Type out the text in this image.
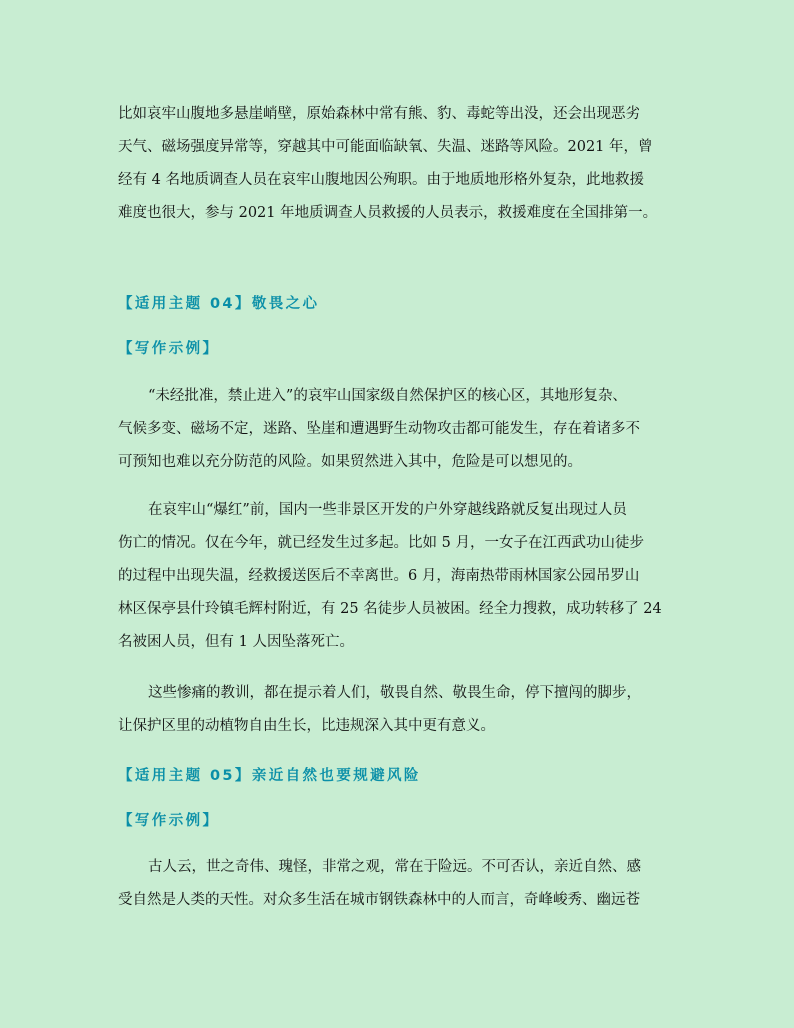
比如哀牢山腹地多悬崖峭壁，原始森林中常有熊、豹、毒蛇等出没，还会出现恶劣
天气、磁场强度异常等，穿越其中可能面临缺氧、失温、迷路等风险。2021 年，曾
经有 4 名地质调查人员在哀牢山腹地因公殉职。由于地质地形格外复杂，此地救援
难度也很大，参与 2021 年地质调查人员救援的人员表示，救援难度在全国排第一。
【适用主题 04】敬畏之心
【写作示例】
“未经批准，禁止进入”的哀牢山国家级自然保护区的核心区，其地形复杂、
气候多变、磁场不定，迷路、坠崖和遭遇野生动物攻击都可能发生，存在着诸多不
可预知也难以充分防范的风险。如果贸然进入其中，危险是可以想见的。
在哀牢山“爆红”前，国内一些非景区开发的户外穿越线路就反复出现过人员
伤亡的情况。仅在今年，就已经发生过多起。比如 5 月，一女子在江西武功山徒步
的过程中出现失温，经救援送医后不幸离世。6 月，海南热带雨林国家公园吊罗山
林区保亭县什玲镇毛辉村附近，有 25 名徒步人员被困。经全力搜救，成功转移了 24
名被困人员，但有 1 人因坠落死亡。
这些惨痛的教训，都在提示着人们，敬畏自然、敬畏生命，停下擅闯的脚步，
让保护区里的动植物自由生长，比违规深入其中更有意义。
【适用主题 05】亲近自然也要规避风险
【写作示例】
古人云，世之奇伟、瑰怪，非常之观，常在于险远。不可否认，亲近自然、感
受自然是人类的天性。对众多生活在城市钢铁森林中的人而言，奇峰峻秀、幽远苍
